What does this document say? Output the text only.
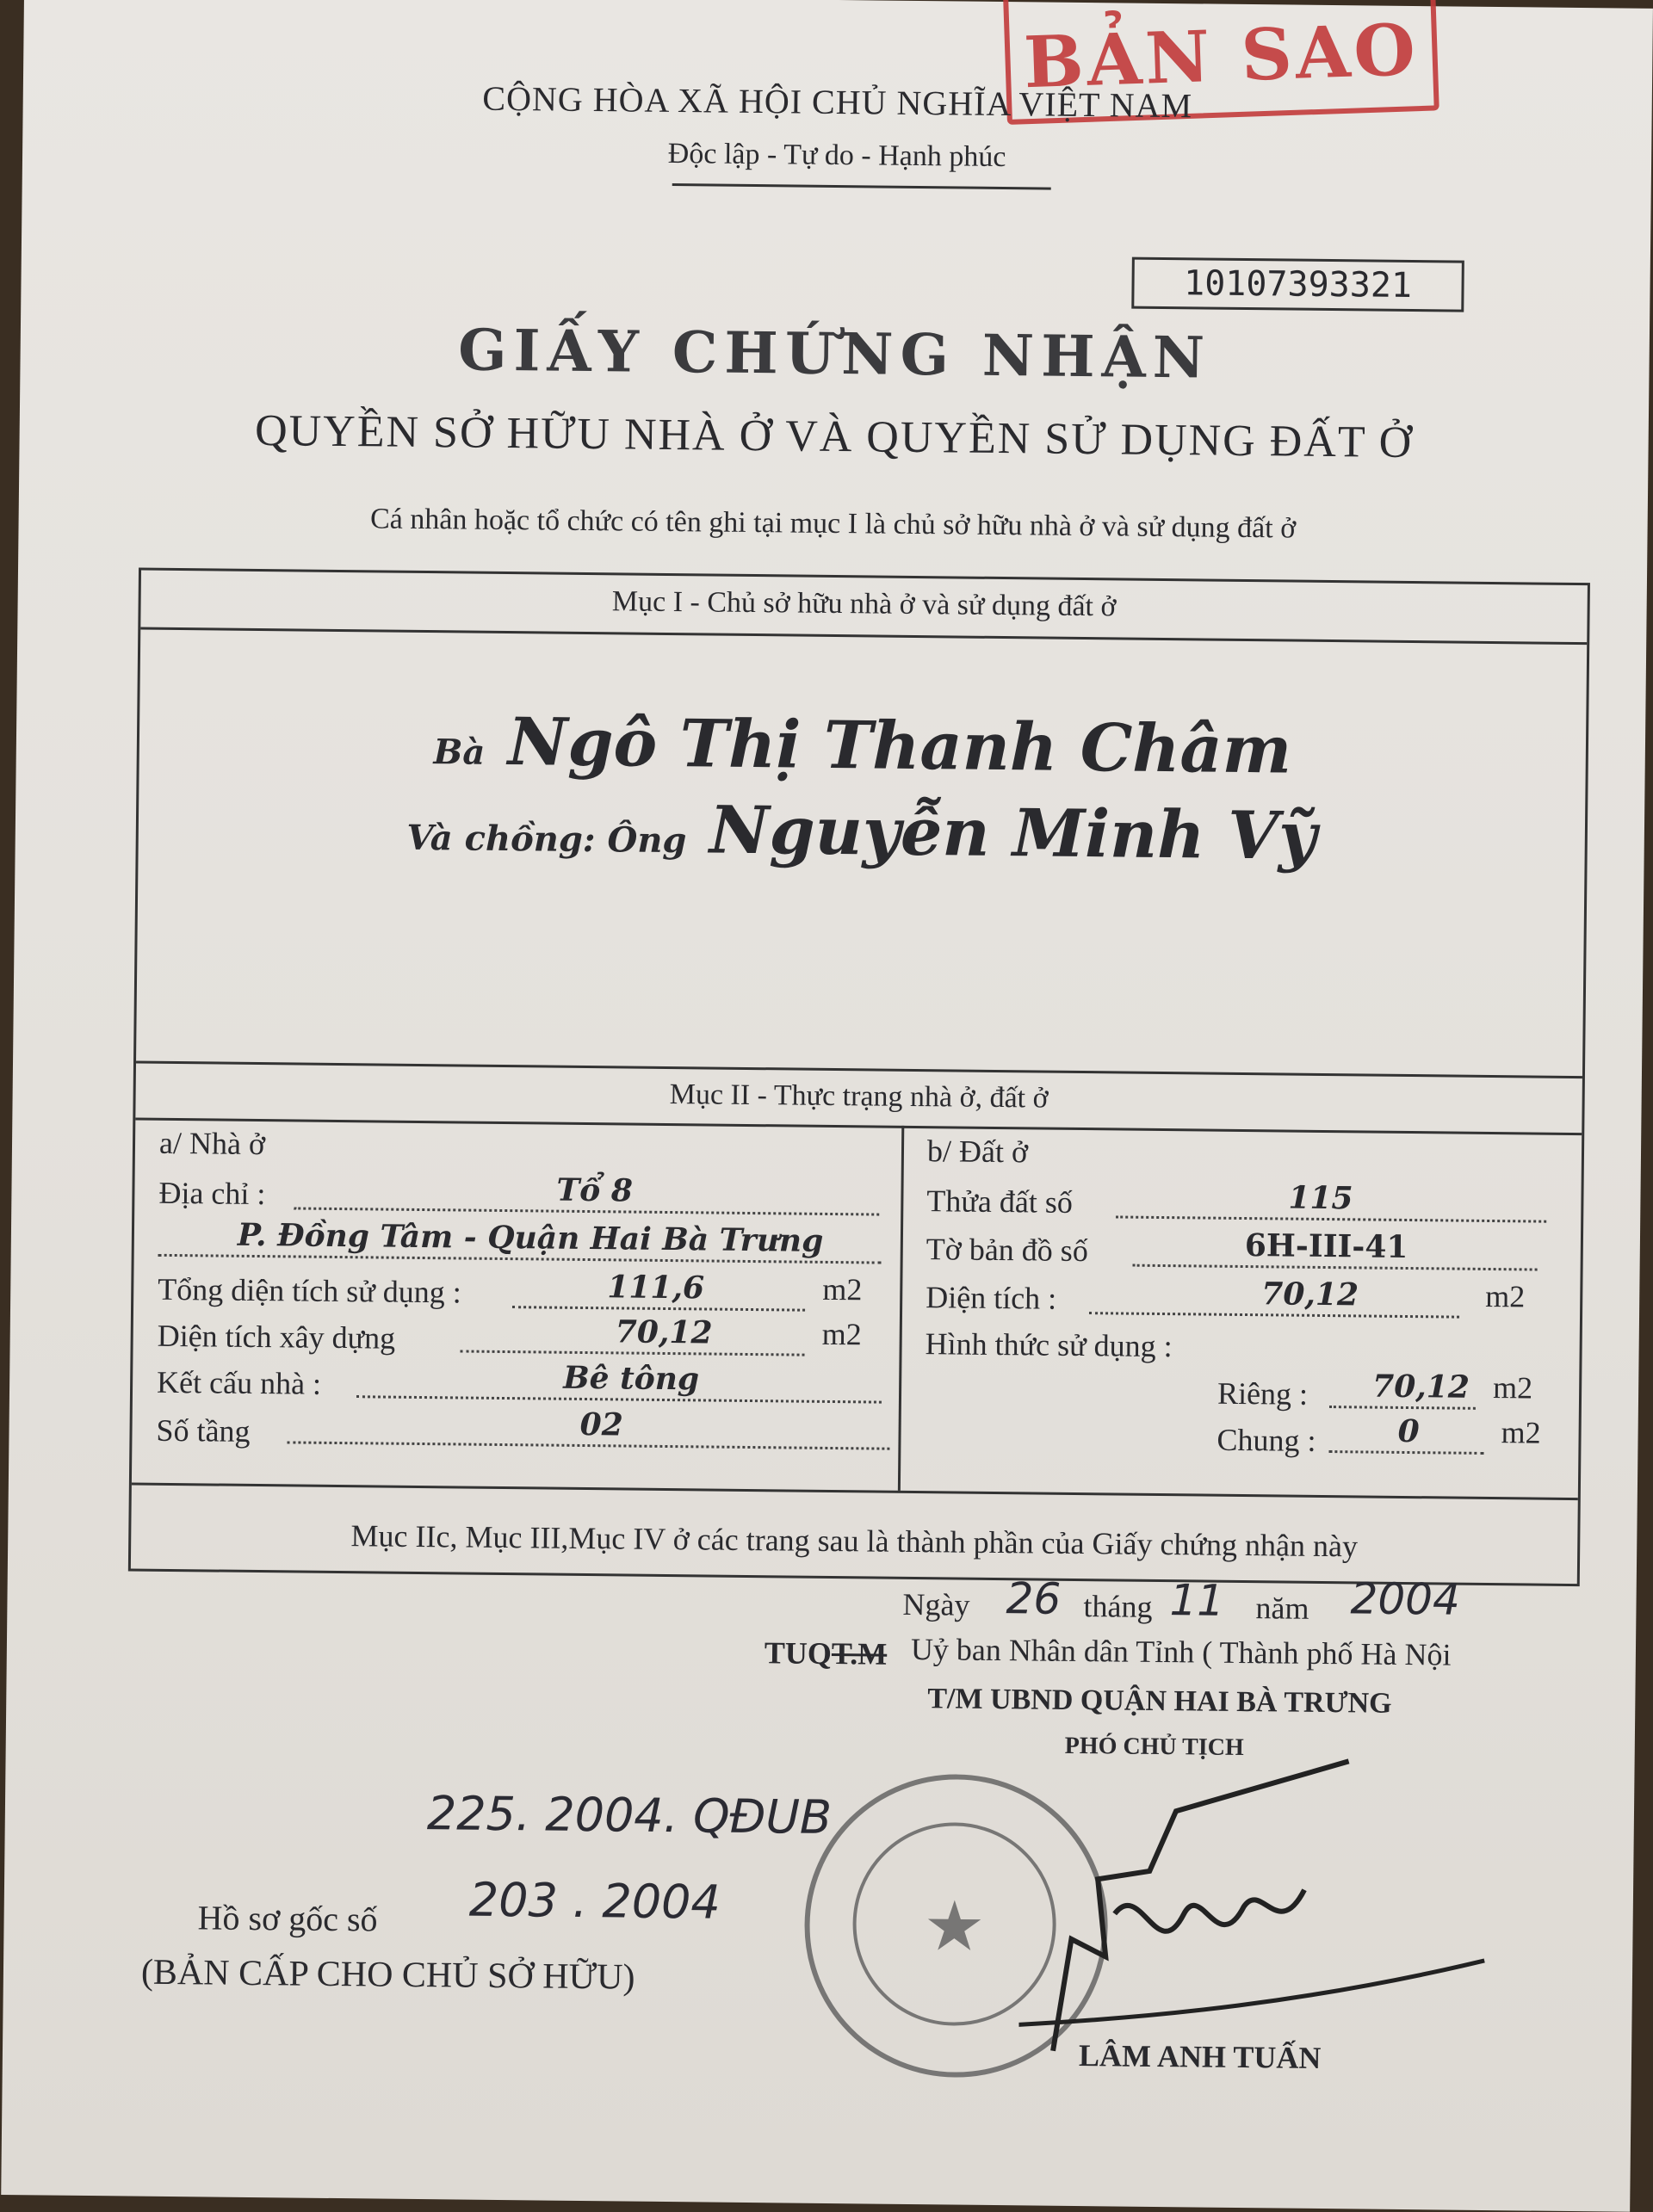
BẢN SAO
CỘNG HÒA XÃ HỘI CHỦ NGHĨA VIỆT NAM
Độc lập - Tự do - Hạnh phúc
10107393321
GIẤY CHỨNG NHẬN
QUYỀN SỞ HỮU NHÀ Ở VÀ QUYỀN SỬ DỤNG ĐẤT Ở
Cá nhân hoặc tổ chức có tên ghi tại mục I là chủ sở hữu nhà ở và sử dụng đất ở
Mục I - Chủ sở hữu nhà ở và sử dụng đất ở
Bà Ngô Thị Thanh Châm
Và chồng: Ông Nguyễn Minh Vỹ
Mục II - Thực trạng nhà ở, đất ở
a/ Nhà ở
Địa chỉ :	Tổ 8
P. Đồng Tâm - Quận Hai Bà Trưng
Tổng diện tích sử dụng :	111,6	m2
Diện tích xây dựng	70,12	m2
Kết cấu nhà :	Bê tông
Số tầng	02
b/ Đất ở
Thửa đất số	115
Tờ bản đồ số	6H-III-41
Diện tích :	70,12	m2
Hình thức sử dụng :
Riêng : 70,12 m2
Chung :	0	m2
Mục IIc, Mục III,Mục IV ở các trang sau là thành phần của Giấy chứng nhận này
Ngày 26 tháng 11 năm 2004
TUQT.M Uỷ ban Nhân dân Tỉnh ( Thành phố Hà Nội
T/M UBND QUẬN HAI BÀ TRƯNG
PHÓ CHỦ TỊCH
225. 2004. QĐUB
203 . 2004
Hồ sơ gốc số
(BẢN CẤP CHO CHỦ SỞ HỮU)
★
LÂM ANH TUẤN
